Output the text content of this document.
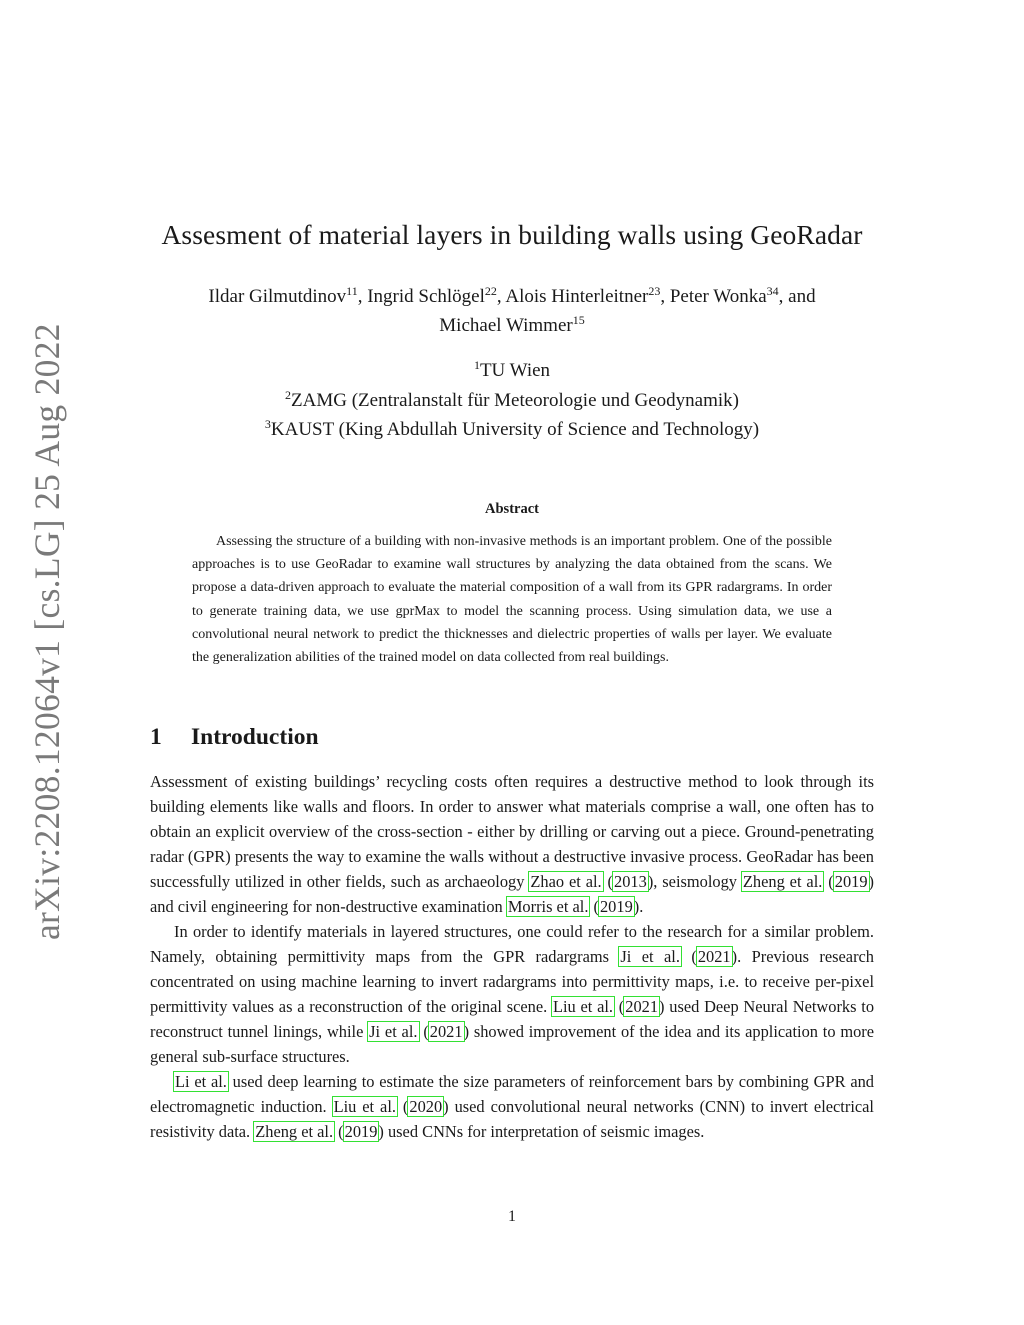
arXiv:2208.12064v1 [cs.LG] 25 Aug 2022
Assesment of material layers in building walls using GeoRadar
Ildar Gilmutdinov$^{11}$, Ingrid Schlögel$^{22}$, Alois Hinterleitner$^{23}$, Peter Wonka$^{34}$, and
Michael Wimmer$^{15}$
$^1$TU Wien
$^2$ZAMG (Zentralanstalt für Meteorologie und Geodynamik)
$^3$KAUST (King Abdullah University of Science and Technology)
Abstract
Assessing the structure of a building with non-invasive methods is an important problem. One of the possible approaches is to use GeoRadar to examine wall structures by analyzing the data obtained from the scans. We propose a data-driven approach to evaluate the material composition of a wall from its GPR radargrams. In order to generate training data, we use gprMax to model the scanning process. Using simulation data, we use a convolutional neural network to predict the thicknesses and dielectric properties of walls per layer. We evaluate the generalization abilities of the trained model on data collected from real buildings.
1 Introduction

Assessment of existing buildings’ recycling costs often requires a destructive method to look through its building elements like walls and floors. In order to answer what materials comprise a wall, one often has to obtain an explicit overview of the cross-section - either by drilling or carving out a piece. Ground-penetrating radar (GPR) presents the way to examine the walls without a destructive invasive process. GeoRadar has been successfully utilized in other fields, such as archaeology Zhao et al. (2013), seismology Zheng et al. (2019) and civil engineering for non-destructive examination Morris et al. (2019).

In order to identify materials in layered structures, one could refer to the research for a similar problem. Namely, obtaining permittivity maps from the GPR radargrams Ji et al. (2021). Previous research concentrated on using machine learning to invert radargrams into permittivity maps, i.e. to receive per-pixel permittivity values as a reconstruction of the original scene. Liu et al. (2021) used Deep Neural Networks to reconstruct tunnel linings, while Ji et al. (2021) showed improvement of the idea and its application to more general sub-surface structures.

Li et al. used deep learning to estimate the size parameters of reinforcement bars by combining GPR and electromagnetic induction. Liu et al. (2020) used convolutional neural networks (CNN) to invert electrical resistivity data. Zheng et al. (2019) used CNNs for interpretation of seismic images.

1
